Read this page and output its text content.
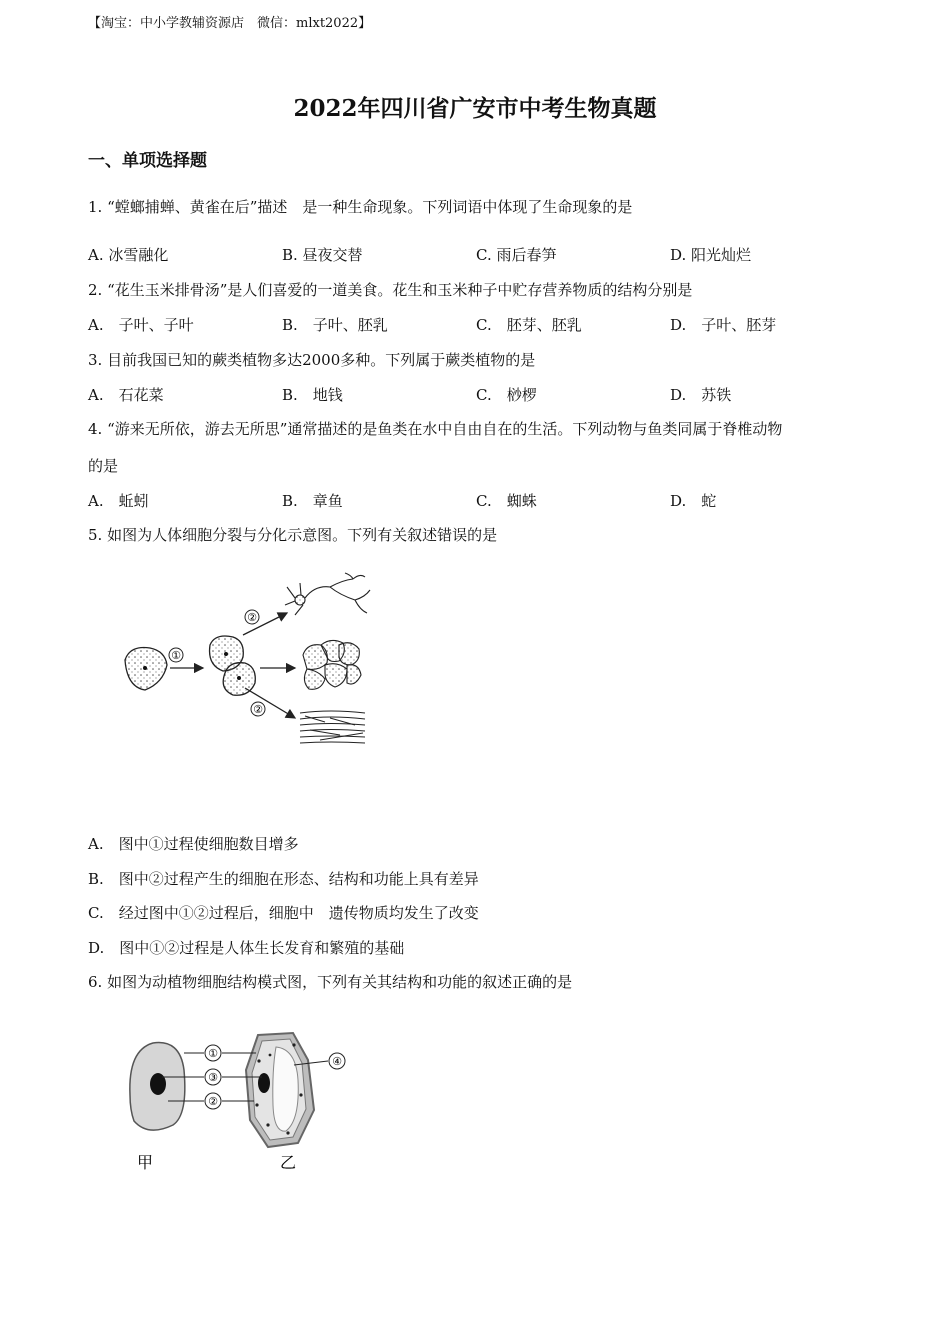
【淘宝：中小学教辅资源店　微信：mlxt2022】
2022年四川省广安市中考生物真题
一、单项选择题
1. “螳螂捕蝉、黄雀在后”描述　是一种生命现象。下列词语中体现了生命现象的是
A. 冰雪融化	B. 昼夜交替	C. 雨后春笋	D. 阳光灿烂
2. “花生玉米排骨汤”是人们喜爱的一道美食。花生和玉米种子中贮存营养物质的结构分别是
A.　子叶、子叶	B.　子叶、胚乳	C.　胚芽、胚乳	D.　子叶、胚芽
3. 目前我国已知的蕨类植物多达2000多种。下列属于蕨类植物的是
A.　石花菜	B.　地钱	C.　桫椤	D.　苏铁
4. “游来无所依，游去无所思”通常描述的是鱼类在水中自由自在的生活。下列动物与鱼类同属于脊椎动物
的是
A.　蚯蚓	B.　章鱼	C.　蜘蛛	D.　蛇
5. 如图为人体细胞分裂与分化示意图。下列有关叙述错误的是
①
②
②
A.　图中①过程使细胞数目增多
B.　图中②过程产生的细胞在形态、结构和功能上具有差异
C.　经过图中①②过程后，细胞中　遗传物质均发生了改变
D.　图中①②过程是人体生长发育和繁殖的基础
6. 如图为动植物细胞结构模式图，下列有关其结构和功能的叙述正确的是
①
③
②
④
甲	乙
